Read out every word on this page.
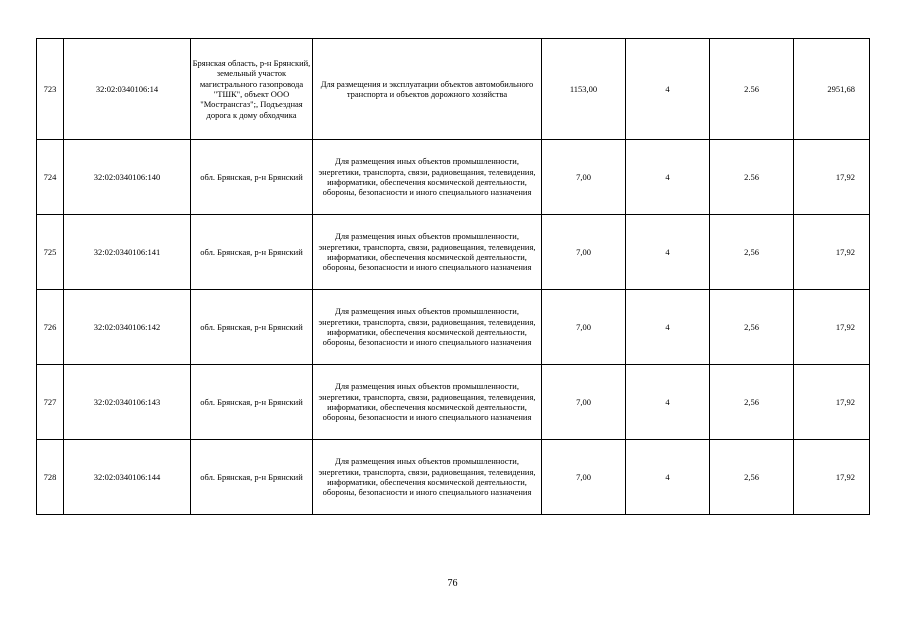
723	32:02:0340106:14	Брянская область, р-н Брянский, земельный участок магистрального газопровода "ТШК", объект ООО "Мострансгаз";, Подъездная дорога к дому обходчика	Для размещения и эксплуатации объектов автомобильного транспорта и объектов дорожного хозяйства	1153,00	4	2.56	2951,68
724	32:02:0340106:140	обл. Брянская, р-н Брянский	Для размещения иных объектов промышленности, энергетики, транспорта, связи, радиовещания, телевидения, информатики, обеспечения космической деятельности, обороны, безопасности и иного специального назначения	7,00	4	2.56	17,92
725	32:02:0340106:141	обл. Брянская, р-н Брянский	Для размещения иных объектов промышленности, энергетики, транспорта, связи, радиовещания, телевидения, информатики, обеспечения космической деятельности, обороны, безопасности и иного специального назначения	7,00	4	2,56	17,92
726	32:02:0340106:142	обл. Брянская, р-н Брянский	Для размещения иных объектов промышленности, энергетики, транспорта, связи, радиовещания, телевидения, информатики, обеспечения космической деятельности, обороны, безопасности и иного специального назначения	7,00	4	2,56	17,92
727	32:02:0340106:143	обл. Брянская, р-н Брянский	Для размещения иных объектов промышленности, энергетики, транспорта, связи, радиовещания, телевидения, информатики, обеспечения космической деятельности, обороны, безопасности и иного специального назначения	7,00	4	2,56	17,92
728	32:02:0340106:144	обл. Брянская, р-н Брянский	Для размещения иных объектов промышленности, энергетики, транспорта, связи, радиовещания, телевидения, информатики, обеспечения космической деятельности, обороны, безопасности и иного специального назначения	7,00	4	2,56	17,92
76
